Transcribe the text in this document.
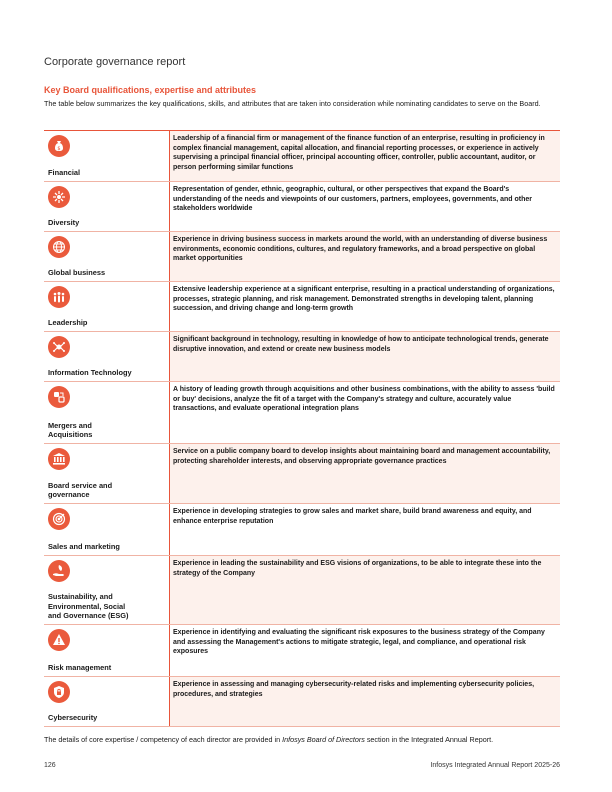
Corporate governance report
Key Board qualifications, expertise and attributes
The table below summarizes the key qualifications, skills, and attributes that are taken into consideration while nominating candidates to serve on the Board.
$
Financial
Leadership of a financial firm or management of the finance function of an enterprise, resulting in proficiency in complex financial management, capital allocation, and financial reporting processes, or experience in actively supervising a principal financial officer, principal accounting officer, controller, public accountant, auditor, or person performing similar functions
Diversity
Representation of gender, ethnic, geographic, cultural, or other perspectives that expand the Board's understanding of the needs and viewpoints of our customers, partners, employees, governments, and other stakeholders worldwide
Global business
Experience in driving business success in markets around the world, with an understanding of diverse business environments, economic conditions, cultures, and regulatory frameworks, and a broad perspective on global market opportunities
Leadership
Extensive leadership experience at a significant enterprise, resulting in a practical understanding of organizations, processes, strategic planning, and risk management. Demonstrated strengths in developing talent, planning succession, and driving change and long-term growth
Information Technology
Significant background in technology, resulting in knowledge of how to anticipate technological trends, generate disruptive innovation, and extend or create new business models
Mergers and
Acquisitions
A history of leading growth through acquisitions and other business combinations, with the ability to assess 'build or buy' decisions, analyze the fit of a target with the Company's strategy and culture, accurately value transactions, and evaluate operational integration plans
Board service and
governance
Service on a public company board to develop insights about maintaining board and management accountability, protecting shareholder interests, and observing appropriate governance practices
Sales and marketing
Experience in developing strategies to grow sales and market share, build brand awareness and equity, and enhance enterprise reputation
Sustainability, and
Environmental, Social
and Governance (ESG)
Experience in leading the sustainability and ESG visions of organizations, to be able to integrate these into the strategy of the Company
Risk management
Experience in identifying and evaluating the significant risk exposures to the business strategy of the Company and assessing the Management's actions to mitigate strategic, legal, and compliance, and operational risk exposures
Cybersecurity
Experience in assessing and managing cybersecurity-related risks and implementing cybersecurity policies, procedures, and strategies
The details of core expertise / competency of each director are provided in Infosys Board of Directors section in the Integrated Annual Report.
126	Infosys Integrated Annual Report 2025-26
